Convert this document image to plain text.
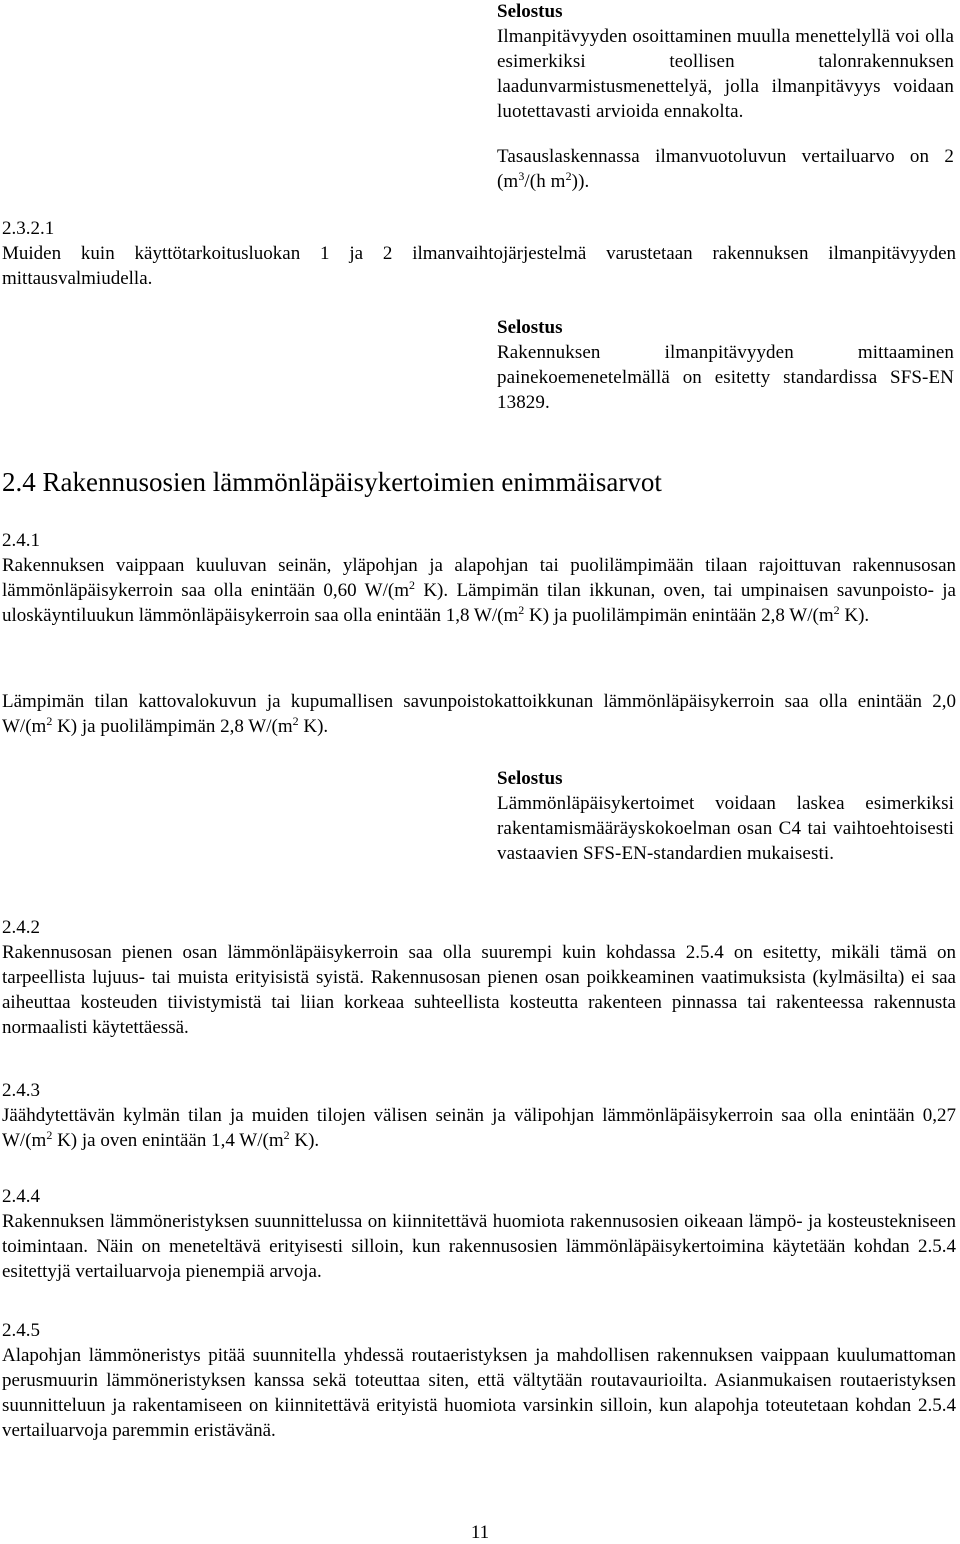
Selostus
Ilmanpitävyyden osoittaminen muulla menettelyllä voi olla esimerkiksi teollisen talonrakennuksen laadunvarmistusmenettelyä, jolla ilmanpitävyys voidaan luotettavasti arvioida ennakolta.
Tasauslaskennassa ilmanvuotoluvun vertailuarvo on 2 ($m^3/(h$ $m^2$)).
2.3.2.1
Muiden kuin käyttötarkoitusluokan 1 ja 2 ilmanvaihtojärjestelmä varustetaan rakennuksen ilmanpitävyyden mittausvalmiudella.
Selostus
Rakennuksen ilmanpitävyyden mittaaminen painekoemenetelmällä on esitetty standardissa SFS-EN 13829.
2.4 Rakennusosien lämmönläpäisykertoimien enimmäisarvot
2.4.1
Rakennuksen vaippaan kuuluvan seinän, yläpohjan ja alapohjan tai puolilämpimään tilaan rajoittuvan rakennusosan lämmönläpäisykerroin saa olla enintään 0,60 $W/(m^2$ K). Lämpimän tilan ikkunan, oven, tai umpinaisen savunpoisto- ja uloskäyntiluukun lämmönläpäisykerroin saa olla enintään 1,8 $W/(m^2$ K) ja puolilämpimän enintään 2,8 $W/(m^2$ K).
Lämpimän tilan kattovalokuvun ja kupumallisen savunpoistokattoikkunan lämmönläpäisykerroin saa olla enintään 2,0 $W/(m^2$ K) ja puolilämpimän 2,8 $W/(m^2$ K).
Selostus
Lämmönläpäisykertoimet voidaan laskea esimerkiksi rakentamismääräyskokoelman osan C4 tai vaihtoehtoisesti vastaavien SFS-EN-standardien mukaisesti.
2.4.2
Rakennusosan pienen osan lämmönläpäisykerroin saa olla suurempi kuin kohdassa 2.5.4 on esitetty, mikäli tämä on tarpeellista lujuus- tai muista erityisistä syistä. Rakennusosan pienen osan poikkeaminen vaatimuksista (kylmäsilta) ei saa aiheuttaa kosteuden tiivistymistä tai liian korkeaa suhteellista kosteutta rakenteen pinnassa tai rakenteessa rakennusta normaalisti käytettäessä.
2.4.3
Jäähdytettävän kylmän tilan ja muiden tilojen välisen seinän ja välipohjan lämmönläpäisykerroin saa olla enintään 0,27 $W/(m^2$ K) ja oven enintään 1,4 $W/(m^2$ K).
2.4.4
Rakennuksen lämmöneristyksen suunnittelussa on kiinnitettävä huomiota rakennusosien oikeaan lämpö- ja kosteustekniseen toimintaan. Näin on meneteltävä erityisesti silloin, kun rakennusosien lämmönläpäisykertoimina käytetään kohdan 2.5.4 esitettyjä vertailuarvoja pienempiä arvoja.
2.4.5
Alapohjan lämmöneristys pitää suunnitella yhdessä routaeristyksen ja mahdollisen rakennuksen vaippaan kuulumattoman perusmuurin lämmöneristyksen kanssa sekä toteuttaa siten, että vältytään routavaurioilta. Asianmukaisen routaeristyksen suunnitteluun ja rakentamiseen on kiinnitettävä erityistä huomiota varsinkin silloin, kun alapohja toteutetaan kohdan 2.5.4 vertailuarvoja paremmin eristävänä.
11
